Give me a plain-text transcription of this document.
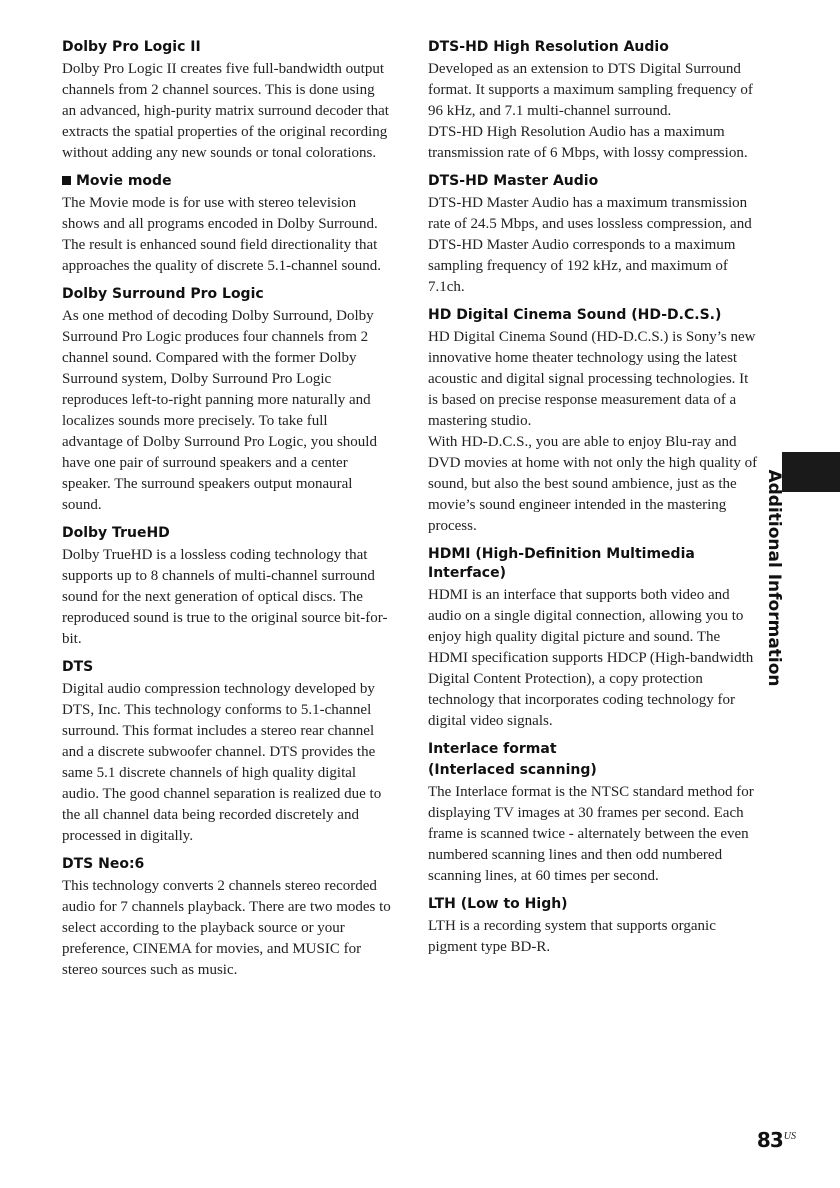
Dolby Pro Logic II

Dolby Pro Logic II creates five full-bandwidth output channels from 2 channel sources. This is done using an advanced, high-purity matrix surround decoder that extracts the spatial properties of the original recording without adding any new sounds or tonal colorations.

Movie mode

The Movie mode is for use with stereo television shows and all programs encoded in Dolby Surround. The result is enhanced sound field directionality that approaches the quality of discrete 5.1-channel sound.

Dolby Surround Pro Logic

As one method of decoding Dolby Surround, Dolby Surround Pro Logic produces four channels from 2 channel sound. Compared with the former Dolby Surround system, Dolby Surround Pro Logic reproduces left-to-right panning more naturally and localizes sounds more precisely. To take full advantage of Dolby Surround Pro Logic, you should have one pair of surround speakers and a center speaker. The surround speakers output monaural sound.

Dolby TrueHD

Dolby TrueHD is a lossless coding technology that supports up to 8 channels of multi-channel surround sound for the next generation of optical discs. The reproduced sound is true to the original source bit-for-bit.

DTS

Digital audio compression technology developed by DTS, Inc. This technology conforms to 5.1-channel surround. This format includes a stereo rear channel and a discrete subwoofer channel. DTS provides the same 5.1 discrete channels of high quality digital audio. The good channel separation is realized due to the all channel data being recorded discretely and processed in digitally.

DTS Neo:6

This technology converts 2 channels stereo recorded audio for 7 channels playback. There are two modes to select according to the playback source or your preference, CINEMA for movies, and MUSIC for stereo sources such as music.

DTS-HD High Resolution Audio

Developed as an extension to DTS Digital Surround format. It supports a maximum sampling frequency of 96 kHz, and 7.1 multi-channel surround.

DTS-HD High Resolution Audio has a maximum transmission rate of 6 Mbps, with lossy compression.

DTS-HD Master Audio

DTS-HD Master Audio has a maximum transmission rate of 24.5 Mbps, and uses lossless compression, and DTS-HD Master Audio corresponds to a maximum sampling frequency of 192 kHz, and maximum of 7.1ch.

HD Digital Cinema Sound (HD-D.C.S.)

HD Digital Cinema Sound (HD-D.C.S.) is Sony’s new innovative home theater technology using the latest acoustic and digital signal processing technologies. It is based on precise response measurement data of a mastering studio.

With HD-D.C.S., you are able to enjoy Blu-ray and DVD movies at home with not only the high quality of sound, but also the best sound ambience, just as the movie’s sound engineer intended in the mastering process.

HDMI (High-Definition Multimedia Interface)

HDMI is an interface that supports both video and audio on a single digital connection, allowing you to enjoy high quality digital picture and sound. The HDMI specification supports HDCP (High-bandwidth Digital Content Protection), a copy protection technology that incorporates coding technology for digital video signals.

Interlace format
(Interlaced scanning)

The Interlace format is the NTSC standard method for displaying TV images at 30 frames per second. Each frame is scanned twice - alternately between the even numbered scanning lines and then odd numbered scanning lines, at 60 times per second.

LTH (Low to High)

LTH is a recording system that supports organic pigment type BD-R.

Additional Information
$83^{US}$
